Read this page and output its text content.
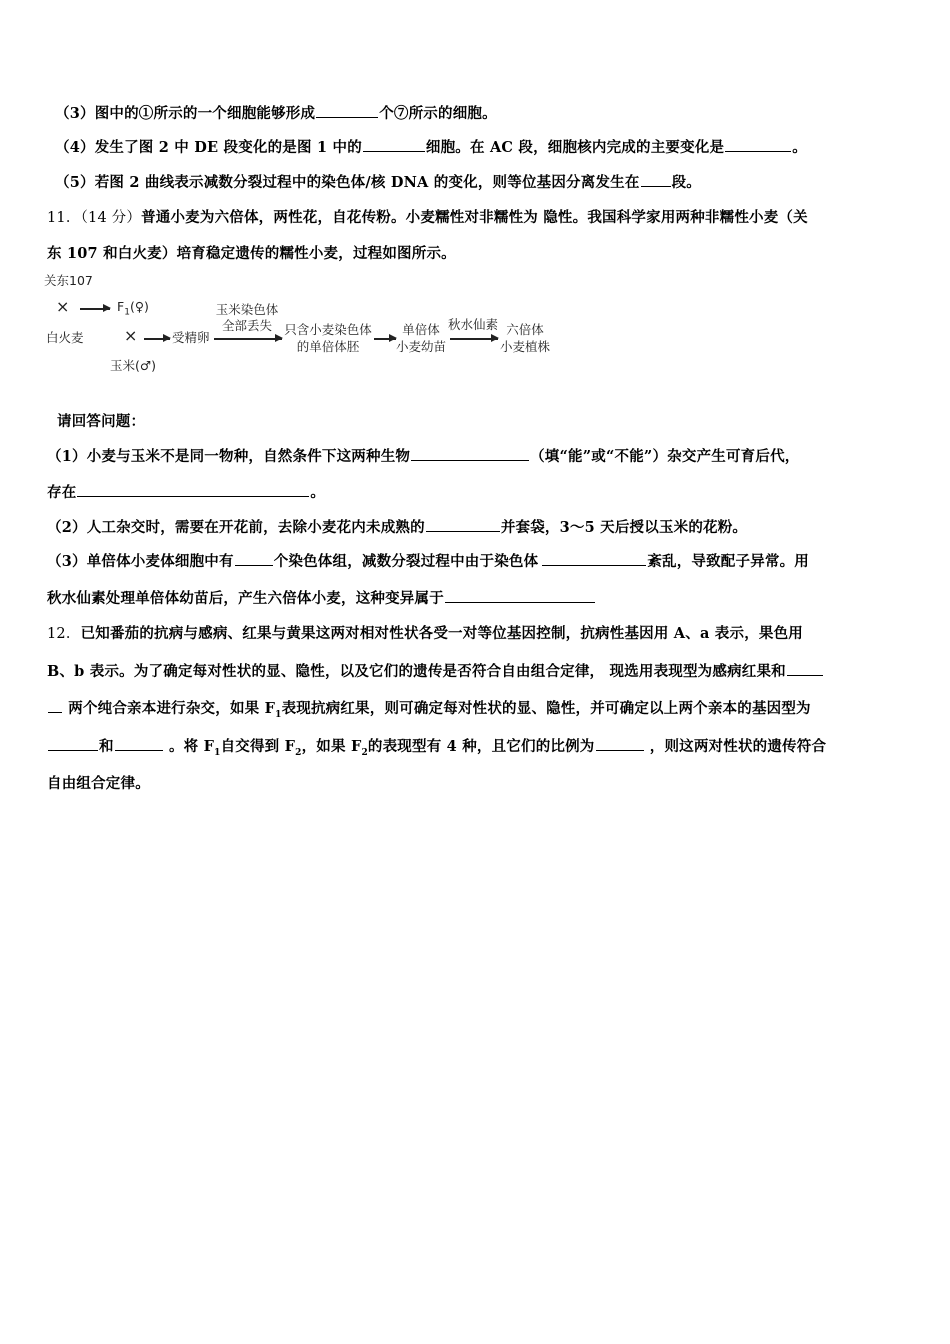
（3）图中的①所示的一个细胞能够形成	个⑦所示的细胞。
（4）发生了图 2 中 DE 段变化的是图 1 中的	细胞。在 AC 段，细胞核内完成的主要变化是	。
（5）若图 2 曲线表示减数分裂过程中的染色体/核 DNA 的变化，则等位基因分离发生在 段。
11．（14 分）普通小麦为六倍体，两性花，自花传粉。小麦糯性对非糯性为 隐性。我国科学家用两种非糯性小麦（关
东 107 和白火麦）培育稳定遗传的糯性小麦，过程如图所示。
关东107
×	$F_1(♀)$
白火麦	×	受精卵
玉米(♂)
玉米染色体
全部丢失 只含小麦染色体
的单倍体胚
单倍体
小麦幼苗
秋水仙素 六倍体
小麦植株
请回答问题：
（1）小麦与玉米不是同一物种，自然条件下这两种生物	（填“能”或“不能”）杂交产生可育后代，
存在	。
（2）人工杂交时，需要在开花前，去除小麦花内未成熟的	并套袋，3～5 天后授以玉米的花粉。
（3）单倍体小麦体细胞中有	个染色体组，减数分裂过程中由于染色体	紊乱，导致配子异常。用
秋水仙素处理单倍体幼苗后，产生六倍体小麦，这种变异属于
12．已知番茄的抗病与感病、红果与黄果这两对相对性状各受一对等位基因控制，抗病性基因用 A、a 表示，果色用
B、b 表示。为了确定每对性状的显、隐性，以及它们的遗传是否符合自由组合定律， 现选用表现型为感病红果和
两个纯合亲本进行杂交，如果 $F_1$表现抗病红果，则可确定每对性状的显、隐性，并可确定以上两个亲本的基因型为
和	。将 $F_1$自交得到 $F_2$，如果 $F_2$的表现型有 4 种，且它们的比例为	，则这两对性状的遗传符合
自由组合定律。
